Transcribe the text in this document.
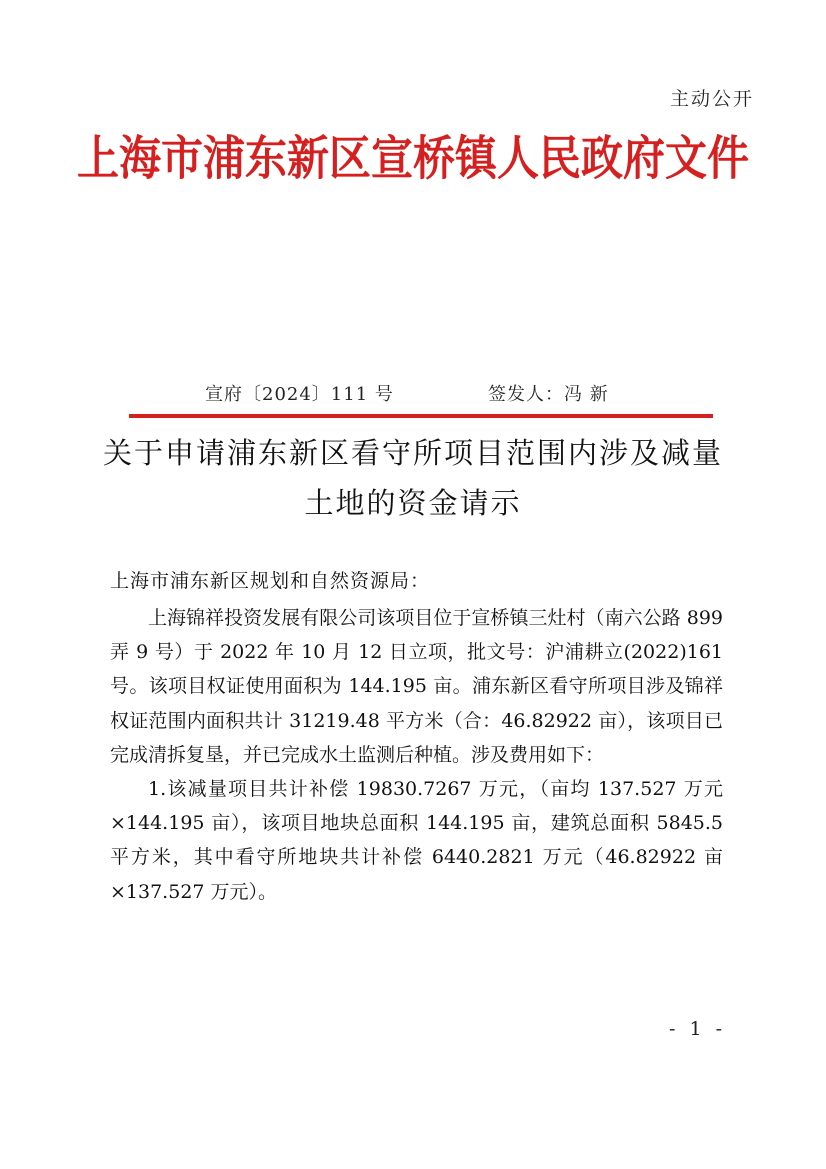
主动公开
上海市浦东新区宣桥镇人民政府文件
宣府〔2024〕111 号	签发人：冯 新
关于申请浦东新区看守所项目范围内涉及减量
土地的资金请示
上海市浦东新区规划和自然资源局：

上海锦祥投资发展有限公司该项目位于宣桥镇三灶村（南六公路 899 弄 9 号）于 2022 年 10 月 12 日立项，批文号：沪浦耕立(2022)161 号。该项目权证使用面积为 144.195 亩。浦东新区看守所项目涉及锦祥权证范围内面积共计 31219.48 平方米（合：46.82922 亩），该项目已完成清拆复垦，并已完成水土监测后种植。涉及费用如下：

1.该减量项目共计补偿 19830.7267 万元，（亩均 137.527 万元×144.195 亩），该项目地块总面积 144.195 亩，建筑总面积 5845.5 平方米，其中看守所地块共计补偿 6440.2821 万元（46.82922 亩×137.527 万元）。

- 1 -
